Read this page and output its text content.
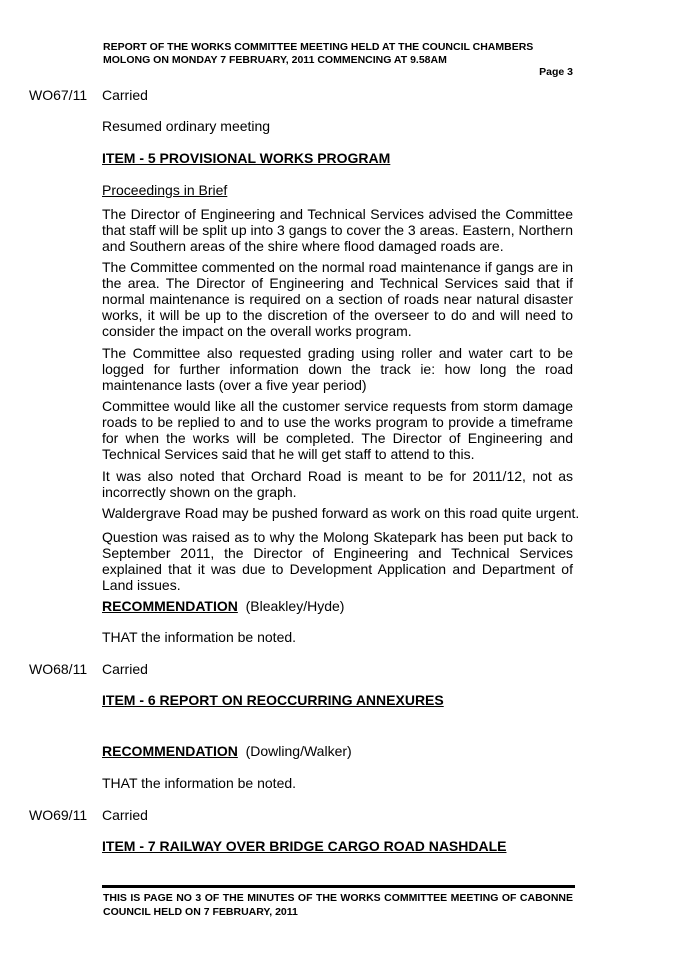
REPORT OF THE WORKS COMMITTEE MEETING HELD AT THE COUNCIL CHAMBERS
MOLONG ON MONDAY 7 FEBRUARY, 2011 COMMENCING AT 9.58AM
Page 3
WO67/11 Carried
Resumed ordinary meeting
ITEM - 5 PROVISIONAL WORKS PROGRAM
Proceedings in Brief
The Director of Engineering and Technical Services advised the Committee that staff will be split up into 3 gangs to cover the 3 areas. Eastern, Northern and Southern areas of the shire where flood damaged roads are.
The Committee commented on the normal road maintenance if gangs are in the area. The Director of Engineering and Technical Services said that if normal maintenance is required on a section of roads near natural disaster works, it will be up to the discretion of the overseer to do and will need to consider the impact on the overall works program.
The Committee also requested grading using roller and water cart to be logged for further information down the track ie: how long the road maintenance lasts (over a five year period)
Committee would like all the customer service requests from storm damage roads to be replied to and to use the works program to provide a timeframe for when the works will be completed. The Director of Engineering and Technical Services said that he will get staff to attend to this.
It was also noted that Orchard Road is meant to be for 2011/12, not as incorrectly shown on the graph.
Waldergrave Road may be pushed forward as work on this road quite urgent.
Question was raised as to why the Molong Skatepark has been put back to September 2011, the Director of Engineering and Technical Services explained that it was due to Development Application and Department of Land issues.
RECOMMENDATION (Bleakley/Hyde)
THAT the information be noted.
WO68/11 Carried
ITEM - 6 REPORT ON REOCCURRING ANNEXURES
RECOMMENDATION (Dowling/Walker)
THAT the information be noted.
WO69/11 Carried
ITEM - 7 RAILWAY OVER BRIDGE CARGO ROAD NASHDALE
THIS IS PAGE NO 3 OF THE MINUTES OF THE WORKS COMMITTEE MEETING OF CABONNE COUNCIL HELD ON 7 FEBRUARY, 2011
